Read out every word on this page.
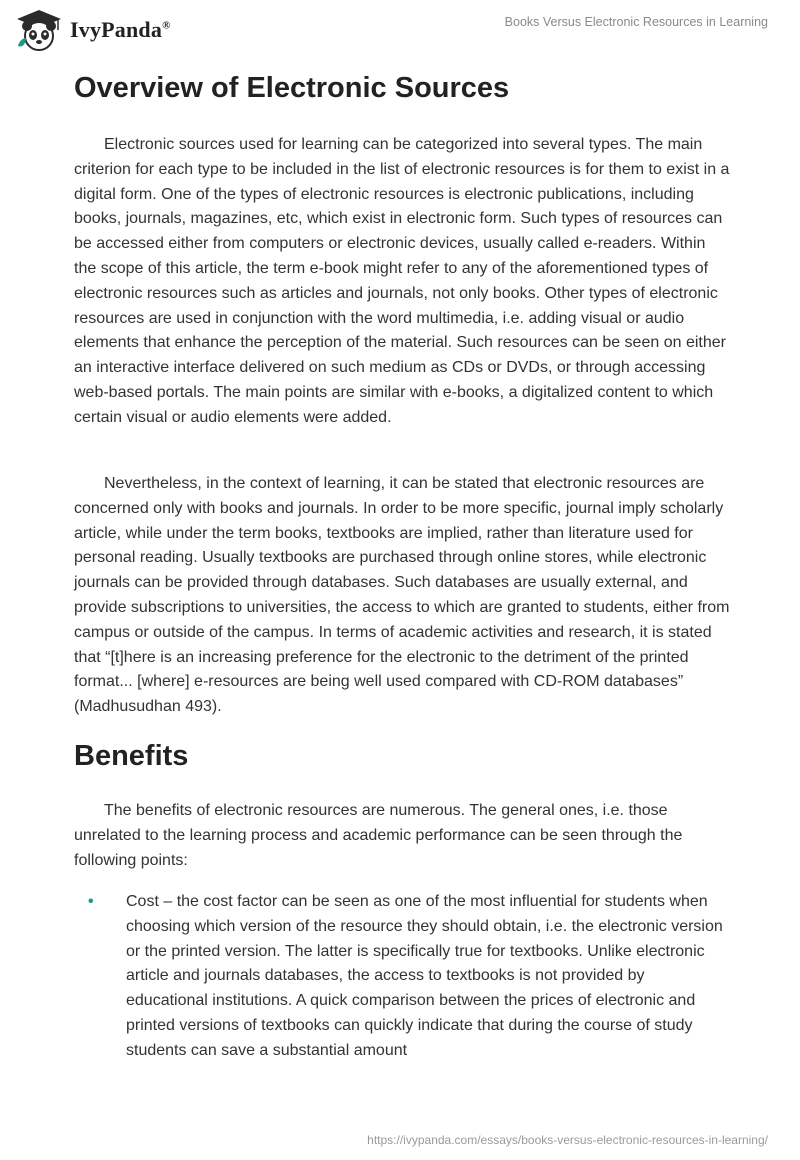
IvyPanda®	Books Versus Electronic Resources in Learning
Overview of Electronic Sources

Electronic sources used for learning can be categorized into several types. The main criterion for each type to be included in the list of electronic resources is for them to exist in a digital form. One of the types of electronic resources is electronic publications, including books, journals, magazines, etc, which exist in electronic form. Such types of resources can be accessed either from computers or electronic devices, usually called e-readers. Within the scope of this article, the term e-book might refer to any of the aforementioned types of electronic resources such as articles and journals, not only books. Other types of electronic resources are used in conjunction with the word multimedia, i.e. adding visual or audio elements that enhance the perception of the material. Such resources can be seen on either an interactive interface delivered on such medium as CDs or DVDs, or through accessing web-based portals. The main points are similar with e-books, a digitalized content to which certain visual or audio elements were added.

Nevertheless, in the context of learning, it can be stated that electronic resources are concerned only with books and journals. In order to be more specific, journal imply scholarly article, while under the term books, textbooks are implied, rather than literature used for personal reading. Usually textbooks are purchased through online stores, while electronic journals can be provided through databases. Such databases are usually external, and provide subscriptions to universities, the access to which are granted to students, either from campus or outside of the campus. In terms of academic activities and research, it is stated that “[t]here is an increasing preference for the electronic to the detriment of the printed format... [where] e-resources are being well used compared with CD-ROM databases” (Madhusudhan 493).

Benefits

The benefits of electronic resources are numerous. The general ones, i.e. those unrelated to the learning process and academic performance can be seen through the following points:

• Cost – the cost factor can be seen as one of the most influential for students when choosing which version of the resource they should obtain, i.e. the electronic version or the printed version. The latter is specifically true for textbooks. Unlike electronic article and journals databases, the access to textbooks is not provided by educational institutions. A quick comparison between the prices of electronic and printed versions of textbooks can quickly indicate that during the course of study students can save a substantial amount
https://ivypanda.com/essays/books-versus-electronic-resources-in-learning/
